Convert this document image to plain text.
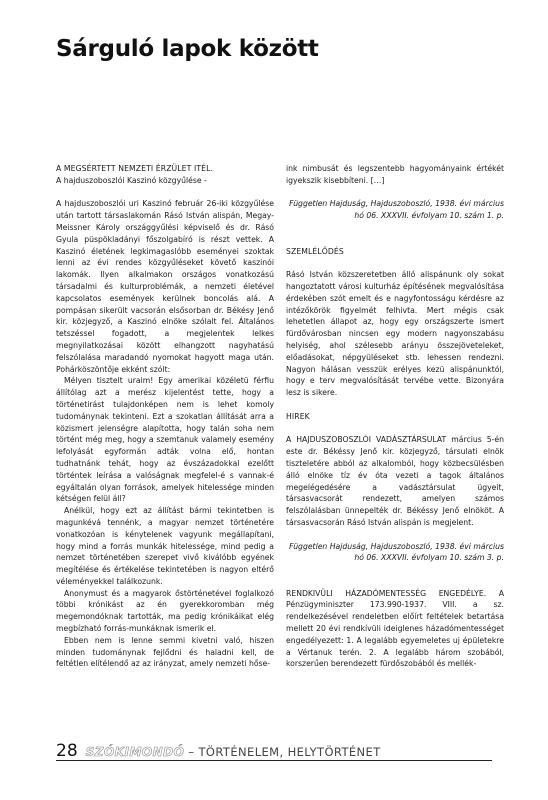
Sárguló lapok között

A MEGSÉRTETT NEMZETI ÉRZÜLET ITÉL.

A hajduszoboszlói Kaszinó közgyűlése -

A hajduszoboszlói uri Kaszinó február 26-iki közgyűlése után tartott társaslakomán Rásó István alispán, Megay-Meissner Károly országgyűlési képviselő és dr. Rásó Gyula püspökladányi főszolgabíró is részt vettek. A Kaszinó életének legkimagaslóbb eseményei szoktak lenni az évi rendes közgyűléseket követő kaszinói lakomák. Ilyen alkalmakon országos vonatkozású társadalmi és kulturproblémák, a nemzeti életével kapcsolatos események kerülnek boncolás alá. A pompásan sikerült vacsorán elsősorban dr. Békésy Jenő kir. közjegyző, a Kaszinó elnöke szólalt fel. Általános tetszéssel fogadott, a megjelentek lelkes megnyilatkozásai között elhangzott nagyhatású felszólalása maradandó nyomokat hagyott maga után. Pohárköszöntője ekként szólt:

Mélyen tisztelt uraim! Egy amerikai közéletü férfiu állítólag azt a merész kijelentést tette, hogy a történetirást tulajdonképen nem is lehet komoly tudománynak tekinteni. Ezt a szokatlan állítását arra a közismert jelenségre alapította, hogy talán soha nem történt még meg, hogy a szemtanuk valamely esemény lefolyását egyformán adták volna elő, hontan tudhatnánk tehát, hogy az évszázadokkal ezelőtt történtek leírása a valóságnak megfelel-é s vannak-é egyáltalán olyan források, amelyek hitelessége minden kétségen felül áll?

Anélkül, hogy ezt az állítást bármi tekintetben is magunkévá tennénk, a magyar nemzet történetére vonatkozóan is kénytelenek vagyunk megállapítani, hogy mind a forrás munkák hitelessége, mind pedig a nemzet történetében szerepet vivő kiválóbb egyének megítélése és értékelése tekintetében is nagyon eltérő véleményekkel találkozunk.

Anonymust és a magyarok őstörténetével foglalkozó többi krónikást az én gyerekkoromban még megemondóknak tartották, ma pedig krónikáikat elég megbízható forrás-munkáknak ismerik el.

Ebben nem is lenne semmi kivetni való, hiszen minden tudománynak fejlődni és haladni kell, de feltétlen elítélendő az az irányzat, amely nemzeti hőse-

ink nimbusát és legszentebb hagyományaink értékét igyekszik kisebbíteni. […]

Független Hajduság, Hajduszoboszló, 1938. évi március hó 06. XXXVII. évfolyam 10. szám 1. p.

SZEMLÉLŐDÉS

Rásó István közszeretetben álló alispánunk oly sokat hangoztatott városi kulturház építésének megvalósítása érdekében szót emelt és e nagyfontosságu kérdésre az intézőkörök figyelmét felhivta. Mert mégis csak lehetetlen állapot az, hogy egy országszerte ismert fürdővárosban nincsen egy modern nagyonszabásu helyiség, ahol szélesebb arányu összejöveteleket, előadásokat, népgyüléseket stb. lehessen rendezni. Nagyon hálásan vesszük erélyes kezü alispánunktól, hogy e terv megvalósítását tervébe vette. Bizonyára lesz is sikere.

HIREK

A HAJDUSZOBOSZLÓI VADÁSZTÁRSULAT március 5-én este dr. Békéssy Jenő kir. közjegyző, társulati elnök tiszteletére abból az alkalomból, hogy közbecsülésben álló elnöke tíz év óta vezeti a tagok általános megelégedésére a vadásztársulat ügyeit, társasvacsorát rendezett, amelyen számos felszólalásban ünnepelték dr. Békéssy Jenő elnököt. A társasvacsorán Rásó István alispán is megjelent.

Független Hajduság, Hajduszoboszló, 1938. évi március hó 06. XXXVII. évfolyam 10. szám 3. p.

RENDKIVÜLI HÁZADÓMENTESSÉG ENGEDÉLYE. A Pénzügyminiszter 173.990-1937. VIII. a sz. rendelkezésével rendeletben előírt feltételek betartása mellett 20 évi rendkívüli ideiglenes házadómentességet engedélyezett: 1. A legalább egyemeletes uj épületekre a Vértanuk terén. 2. A legalább három szobából, korszerűen berendezett fürdőszobából és mellék-

28 SZÓKIMONDÓ – TÖRTÉNELEM, HELYTÖRTÉNET
